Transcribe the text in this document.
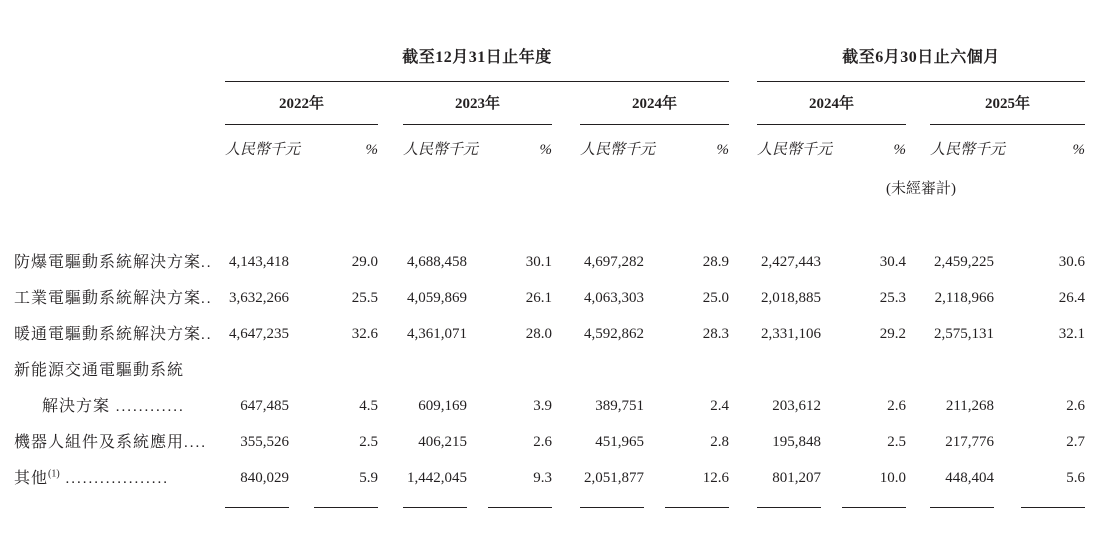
	截至12月31日止年度									截至6月30日止六個月				
	2022年			2023年			2024年			2024年			2025年	

	人民幣千元 %			人民幣千元 %			人民幣千元 %			人民幣千元 %			人民幣千元 %	

										(未經審計)				

防爆電驅動系統解決方案..	4,143,418	29.0		4,688,458	30.1		4,697,282	28.9		2,427,443	30.4		2,459,225	30.6
工業電驅動系統解決方案..	3,632,266	25.5		4,059,869	26.1		4,063,303	25.0		2,018,885	25.3		2,118,966	26.4
暖通電驅動系統解決方案..	4,647,235	32.6		4,361,071	28.0		4,592,862	28.3		2,331,106	29.2		2,575,131	32.1
新能源交通電驅動系統														
解決方案 ............	647,485	4.5		609,169	3.9		389,751	2.4		203,612	2.6		211,268	2.6
機器人組件及系統應用....	355,526	2.5		406,215	2.6		451,965	2.8		195,848	2.5		217,776	2.7
其他$^{(1)}$ ..................	840,029	5.9		1,442,045	9.3		2,051,877	12.6		801,207	10.0		448,404	5.6
